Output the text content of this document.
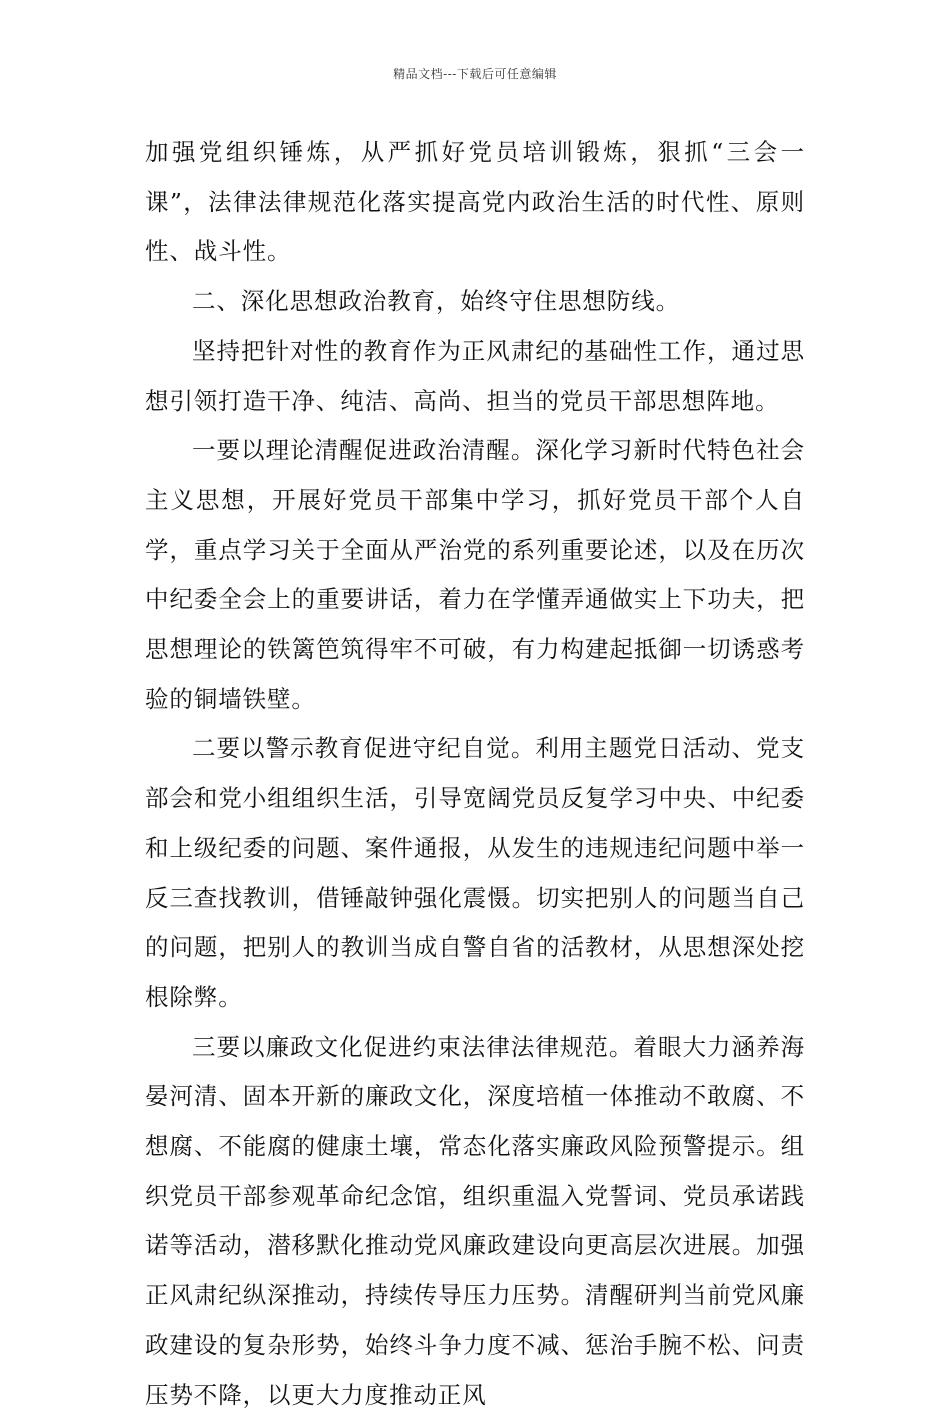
精品文档---下载后可任意编辑

加强党组织锤炼，从严抓好党员培训锻炼，狠抓“三会一课”，法律法律规范化落实提高党内政治生活的时代性、原则性、战斗性。

二、深化思想政治教育，始终守住思想防线。

坚持把针对性的教育作为正风肃纪的基础性工作，通过思想引领打造干净、纯洁、高尚、担当的党员干部思想阵地。

一要以理论清醒促进政治清醒。深化学习新时代特色社会主义思想，开展好党员干部集中学习，抓好党员干部个人自学，重点学习关于全面从严治党的系列重要论述，以及在历次中纪委全会上的重要讲话，着力在学懂弄通做实上下功夫，把思想理论的铁篱笆筑得牢不可破，有力构建起抵御一切诱惑考验的铜墙铁壁。

二要以警示教育促进守纪自觉。利用主题党日活动、党支部会和党小组组织生活，引导宽阔党员反复学习中央、中纪委和上级纪委的问题、案件通报，从发生的违规违纪问题中举一反三查找教训，借锤敲钟强化震慑。切实把别人的问题当自己的问题，把别人的教训当成自警自省的活教材，从思想深处挖根除弊。

三要以廉政文化促进约束法律法律规范。着眼大力涵养海晏河清、固本开新的廉政文化，深度培植一体推动不敢腐、不想腐、不能腐的健康土壤，常态化落实廉政风险预警提示。组织党员干部参观革命纪念馆，组织重温入党誓词、党员承诺践诺等活动，潜移默化推动党风廉政建设向更高层次进展。加强正风肃纪纵深推动，持续传导压力压势。清醒研判当前党风廉政建设的复杂形势，始终斗争力度不减、惩治手腕不松、问责压势不降，以更大力度推动正风
